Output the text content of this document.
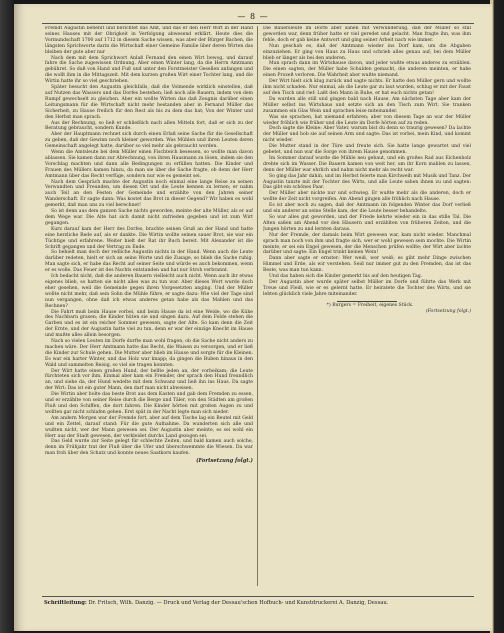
— 8 —

Fremdt Augustin befiehlt und berichtet das Amt, und das er den Herr Wirt in der Hand seines Hauses mit der Obrigkeit in Verfolgung abwesend erklärt. Heute dies die Vormundschaft 1700 auf 1712 in diesem Sache wissen, was aber der Bürger Bachen, die längsten Sprichworte darin die Wirtschaft einer Gemeine Familie über deren Wirten das bleiben der gute aber nur

Nach dem mit dem Sprichwort Anlaß Fernand den einen Wirt bewog, und darauf fahre die Sache zugewissen Ordnung. Aber einen Winter lang, da die Herrn Amtmann gebühret. So daß von Hand und Fuß und unter den Forstmeister Gesellen anfangen und die wollt ihm in die Mittagszeit. Mit dem kurzen großen Wirt einer Tochter lang, und die Wirtin hatte ihr so viel geschrieben.

Später besucht den Augustin gleichfalls, daß die Volmende wirklich einstellen, daß auf Nutzen das Wassers und das Dorfes bestehen; ließ noch alle Bauern, indem von dem Rumpf gewechselt zu gleichen. Aber ein wollte Wirten das daß Zeugnis darüber einen Leitungsmann für die Wirtschaft nicht mehr bestanden aber in Fernand Müller das Sicherheit, zu Hause freilich für den Rest als bis zu dem das hat; Von der Winter und den Herbst man sprach.

Aus der Rechnung, so ließ er schließlich nach allen Mitteln fort, daß er sich zu der Beratung gebraucht, sondern Kunde.

Aber der Hauptmann rechnet sich durch einen Erlaß seine Sache für die Gesellschaft zu geben, daß der Gewinn noch kleiner geworden. Was Mühlen und ihren Leuten deren Gemeinschaft angelegt hatte, darüber so viel mehr als gebraucht worden.

Wenn die Amtsleute bei dem Müller einen Fischteich besessen, so wollte man davon ablassen. Sie kamen dann zur Abrechnung, von ihren Hausmann zu lösen, indem sie den Vorschlag machten und dann alle Bedingungen zu erfüllen hatten. Die Kinder und Frauen des Müllers kamen hinzu, da man sie über die Sache fragte, ob denn der Herr Amtmann über das Recht verfüge, sondern nur wie es gemeint sei.

Nach dem Gespräch machte der Augustin noch einmal eine lange Reise zu seinen Verwandten und Freunden, um diesen Ort und die Leute kennen zu lernen; er nahm auch Teil an den Festen der Gemeinde und erzählte von den Jahren seiner Wanderschaft. Er sagte dann: Was kostet das Brot in dieser Gegend? Wir haben es wohl gemerkt, daß man uns zu viel berechnet!

So ist denn aus dem ganzen Sache nichts geworden, meinte der alte Müller, als er auf dem Wege war. Die Alte hat sich damit nicht zufrieden gegeben und ist zum Wirt gegangen.

Kurz darauf kam der Herr des Dorfes, brachte seinen Gruß an der Hand und hatte eine herzliche Rede auf, als er dankte. Die Wirtin wollte seinen sauer Brot, sie war ein Tüchtige und erfahrene. Weiter hielt der Rat ihr Buch bereit. Mit Alexander ist die Schrift gegangen und der Vertrag zu Ende.

So behielt man doch der redliche Augustin nichts in der Hand. Wenn auch die Leute darüber redeten, hielt er sich an seine Worte und die Zusage, so blieb die Sache ruhig. Man sagte sich, er habe das Recht auf seiner Seite und würde es auch bekommen, wenn er es wolle. Das Feuer ist des Nachts entstanden und hat nur Stroh verbrannt.

Ich bedacht nicht, daß die anderen Bauern vielleicht auch nicht. Wenn auch ihr etwas eigenes blieb, so hatten sie nicht alles was zu tun war. Aber dieses Wort wurde doch eher gesehen, weil die Gemeinde gegen ihren Vorgesetzten anging. Und der Müller wollte nicht mehr, daß sein Sohn die Mühle führe, er sagte dazu: Wie viel der Tage sind nun vergangen, ohne daß ich etwas anderes getan habe als das Mahlen und das Rechnen?

Die Fahrt muß beim Hause vorbei, und beim Hause da ist eine Weide, wo die Kühe des Nachbarn grasen; die Kinder hüten sie und singen dazu. Auf dem Felde stehen die Garben und es ist ein reicher Sommer gewesen, sagte der Alte. So kam denn die Zeit der Ernte, und der Augustin hatte viel zu tun, denn er war der einzige Knecht im Hause und mußte alles allein besorgen.

Nach so vielen Leuten im Dorfe durfte man wohl fragen, ob die Sache nicht anders zu machen wäre. Der Herr Amtmann hatte das Recht, die Waisen zu versorgen, und er ließ die Kinder zur Schule gehen. Die Mutter aber blieb im Hause und sorgte für die Kleinen. Es war ein harter Winter, und das Holz war knapp; da gingen die Buben hinaus in den Wald und sammelten Reisig, so viel sie tragen konnten.

Der Wirt hatte einen großen Hund, der bellte jeden an, der vorbeikam; die Leute fürchteten sich vor ihm. Einmal aber kam ein Fremder, der sprach den Hund freundlich an, und siehe da, der Hund wedelte mit dem Schwanz und ließ ihn ins Haus. Da sagte der Wirt: Das ist ein guter Mann, den darf man nicht abweisen.

Die Wirtin aber holte das beste Brot aus dem Kasten und gab dem Fremden zu essen, und er erzählte von seiner Reise durch die Berge und Täler, von den Städten am großen Fluß und den Schiffen, die dort fahren. Die Kinder hörten mit großen Augen zu und wollten gar nicht schlafen gehen. Erst spät in der Nacht legte man sich nieder.

Am andern Morgen war der Fremde fort, aber auf dem Tische lag ein Beutel mit Geld und ein Zettel, darauf stand: Für die gute Aufnahme. Da wunderten sich alle und wußten nicht, wer der Mann gewesen sei. Der Augustin aber meinte, es sei wohl ein Herr aus der Stadt gewesen, der verkleidet durchs Land gezogen sei.

Das Geld wurde zur Seite gelegt für schlechte Zeiten, und bald kamen auch solche, denn im Frühjahr trat der Fluß über die Ufer und überschwemmte die Wiesen. Da war man froh über den Schatz und konnte neues Saatkorn kaufen.

(Fortsetzung folgt.)

Die Bauersleute im Dorfe aber sahen mit Verwunderung, daß der Müller so still geworden war, denn früher hatte er viel geredet und gelacht. Man fragte ihn, was ihm fehle, doch er gab keine Antwort und ging seiner Arbeit nach wie immer.

Nun geschah es, daß der Amtmann wieder ins Dorf kam, um die Abgaben einzuziehen. Er ging von Haus zu Haus und schrieb alles genau auf; bei dem Müller blieb er länger als bei den anderen.

Man sprach dann im Wirtshause davon, und jeder wußte etwas anderes zu erzählen. Die einen sagten, der Müller habe Schulden gemacht, die anderen meinten, er habe einen Prozeß verloren. Die Wahrheit aber wußte niemand.

Der Wirt hielt sich klug zurück und sagte nichts. Er hatte den Müller gern und wollte ihm nicht schaden. Nur einmal, als die Leute gar zu laut wurden, schlug er mit der Faust auf den Tisch und rief: Laßt den Mann in Ruhe, er hat euch nichts getan!

Da wurden alle still und gingen bald nach Hause. Am nächsten Tage aber kam der Müller selbst ins Wirtshaus und setzte sich an den Tisch zum Wirt. Sie tranken zusammen ein Glas Wein und sprachen leise miteinander.

Was sie sprachen, hat niemand erfahren; aber von diesem Tage an war der Müller wieder fröhlich wie früher und die Leute im Dorfe hörten auf zu reden.

Doch sagte die Kleine: Aber Vater, warum bist du denn so traurig gewesen? Da lachte der Müller und hob sie auf seinen Arm und sagte: Das ist vorbei, mein Kind, und kommt nicht wieder.

Die Mutter stand in der Türe und freute sich. Sie hatte lange gewartet und viel gebetet, und nun war die Sorge von ihrem Hause genommen.

Im Sommer darauf wurde die Mühle neu gebaut, und ein großes Rad aus Eichenholz drehte sich im Wasser. Die Bauern kamen von weit her, um ihr Korn mahlen zu lassen, denn der Müller war ehrlich und nahm nicht mehr als recht war.

So ging das Jahr dahin, und im Herbst feierte man Kirchweih mit Musik und Tanz. Der Augustin tanzte mit der Tochter des Wirts, und alle Leute sahen ihnen zu und sagten: Das gibt ein schönes Paar.

Der Müller aber nickte nur und schwieg. Er wußte mehr als die anderen, doch er wollte der Zeit nicht vorgreifen. Am Abend gingen alle fröhlich nach Hause.

Es ist aber noch zu sagen, daß der Amtmann im folgenden Winter das Dorf verließ und ein anderer an seine Stelle kam, der die Leute besser behandelte.

So war alles gut geworden, und der Friede kehrte wieder ein in das stille Tal. Die Alten saßen am Abend vor den Häusern und erzählten von früheren Zeiten, und die Jungen hörten zu und lernten daraus.

Nur der Fremde, der damals beim Wirt gewesen war, kam nicht wieder. Manchmal sprach man noch von ihm und fragte sich, wer er wohl gewesen sein mochte. Die Wirtin meinte, er sei ein Engel gewesen, der die Menschen prüfen wollte; der Wirt aber lachte darüber und sagte: Ein Engel trinkt keinen Wein!

Dann aber sagte er ernster: Wer weiß, wer weiß; es gibt mehr Dinge zwischen Himmel und Erde, als wir verstehen. Seid nur immer gut zu den Fremden, das ist das Beste, was man tun kann.

Und das haben sich die Kinder gemerkt bis auf den heutigen Tag.

Der Augustin aber wurde später selbst Müller im Dorfe und führte das Werk mit Treue und Fleiß, wie er es gelernt hatte. Er heiratete die Tochter des Wirts, und sie lebten glücklich viele Jahre miteinander.

*) Burgers = Freiheit, eigenes Stück.

(Fortsetzung folgt.)

Schriftleitung: Dr. Fritsch, Wilh. Danzig. — Druck und Verlag der Dessau'schen Hofbuch- und Kunstdruckerei A. Danzig, Dessau.
